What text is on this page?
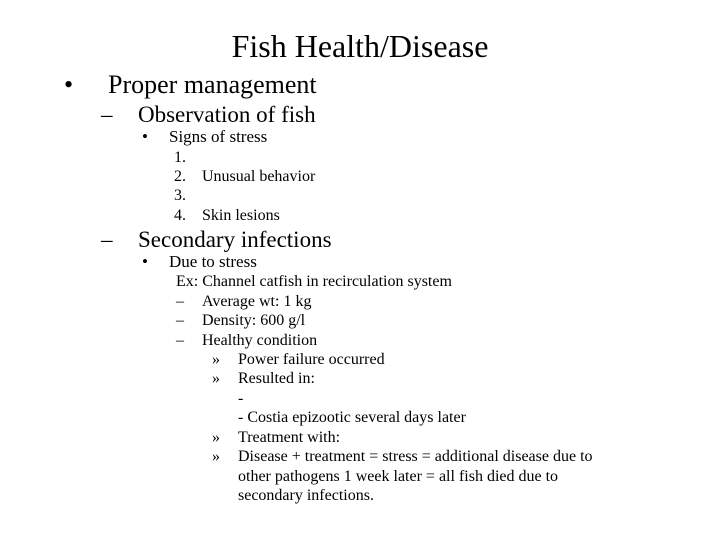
Fish Health/Disease
• Proper management
– Observation of fish
• Signs of stress
1.
2. Unusual behavior
3.
4. Skin lesions
– Secondary infections
• Due to stress
Ex: Channel catfish in recirculation system
– Average wt: 1 kg
– Density: 600 g/l
– Healthy condition
» Power failure occurred
» Resulted in:
-
- Costia epizootic several days later
» Treatment with:
» Disease + treatment = stress = additional disease due to
other pathogens 1 week later = all fish died due to
secondary infections.
